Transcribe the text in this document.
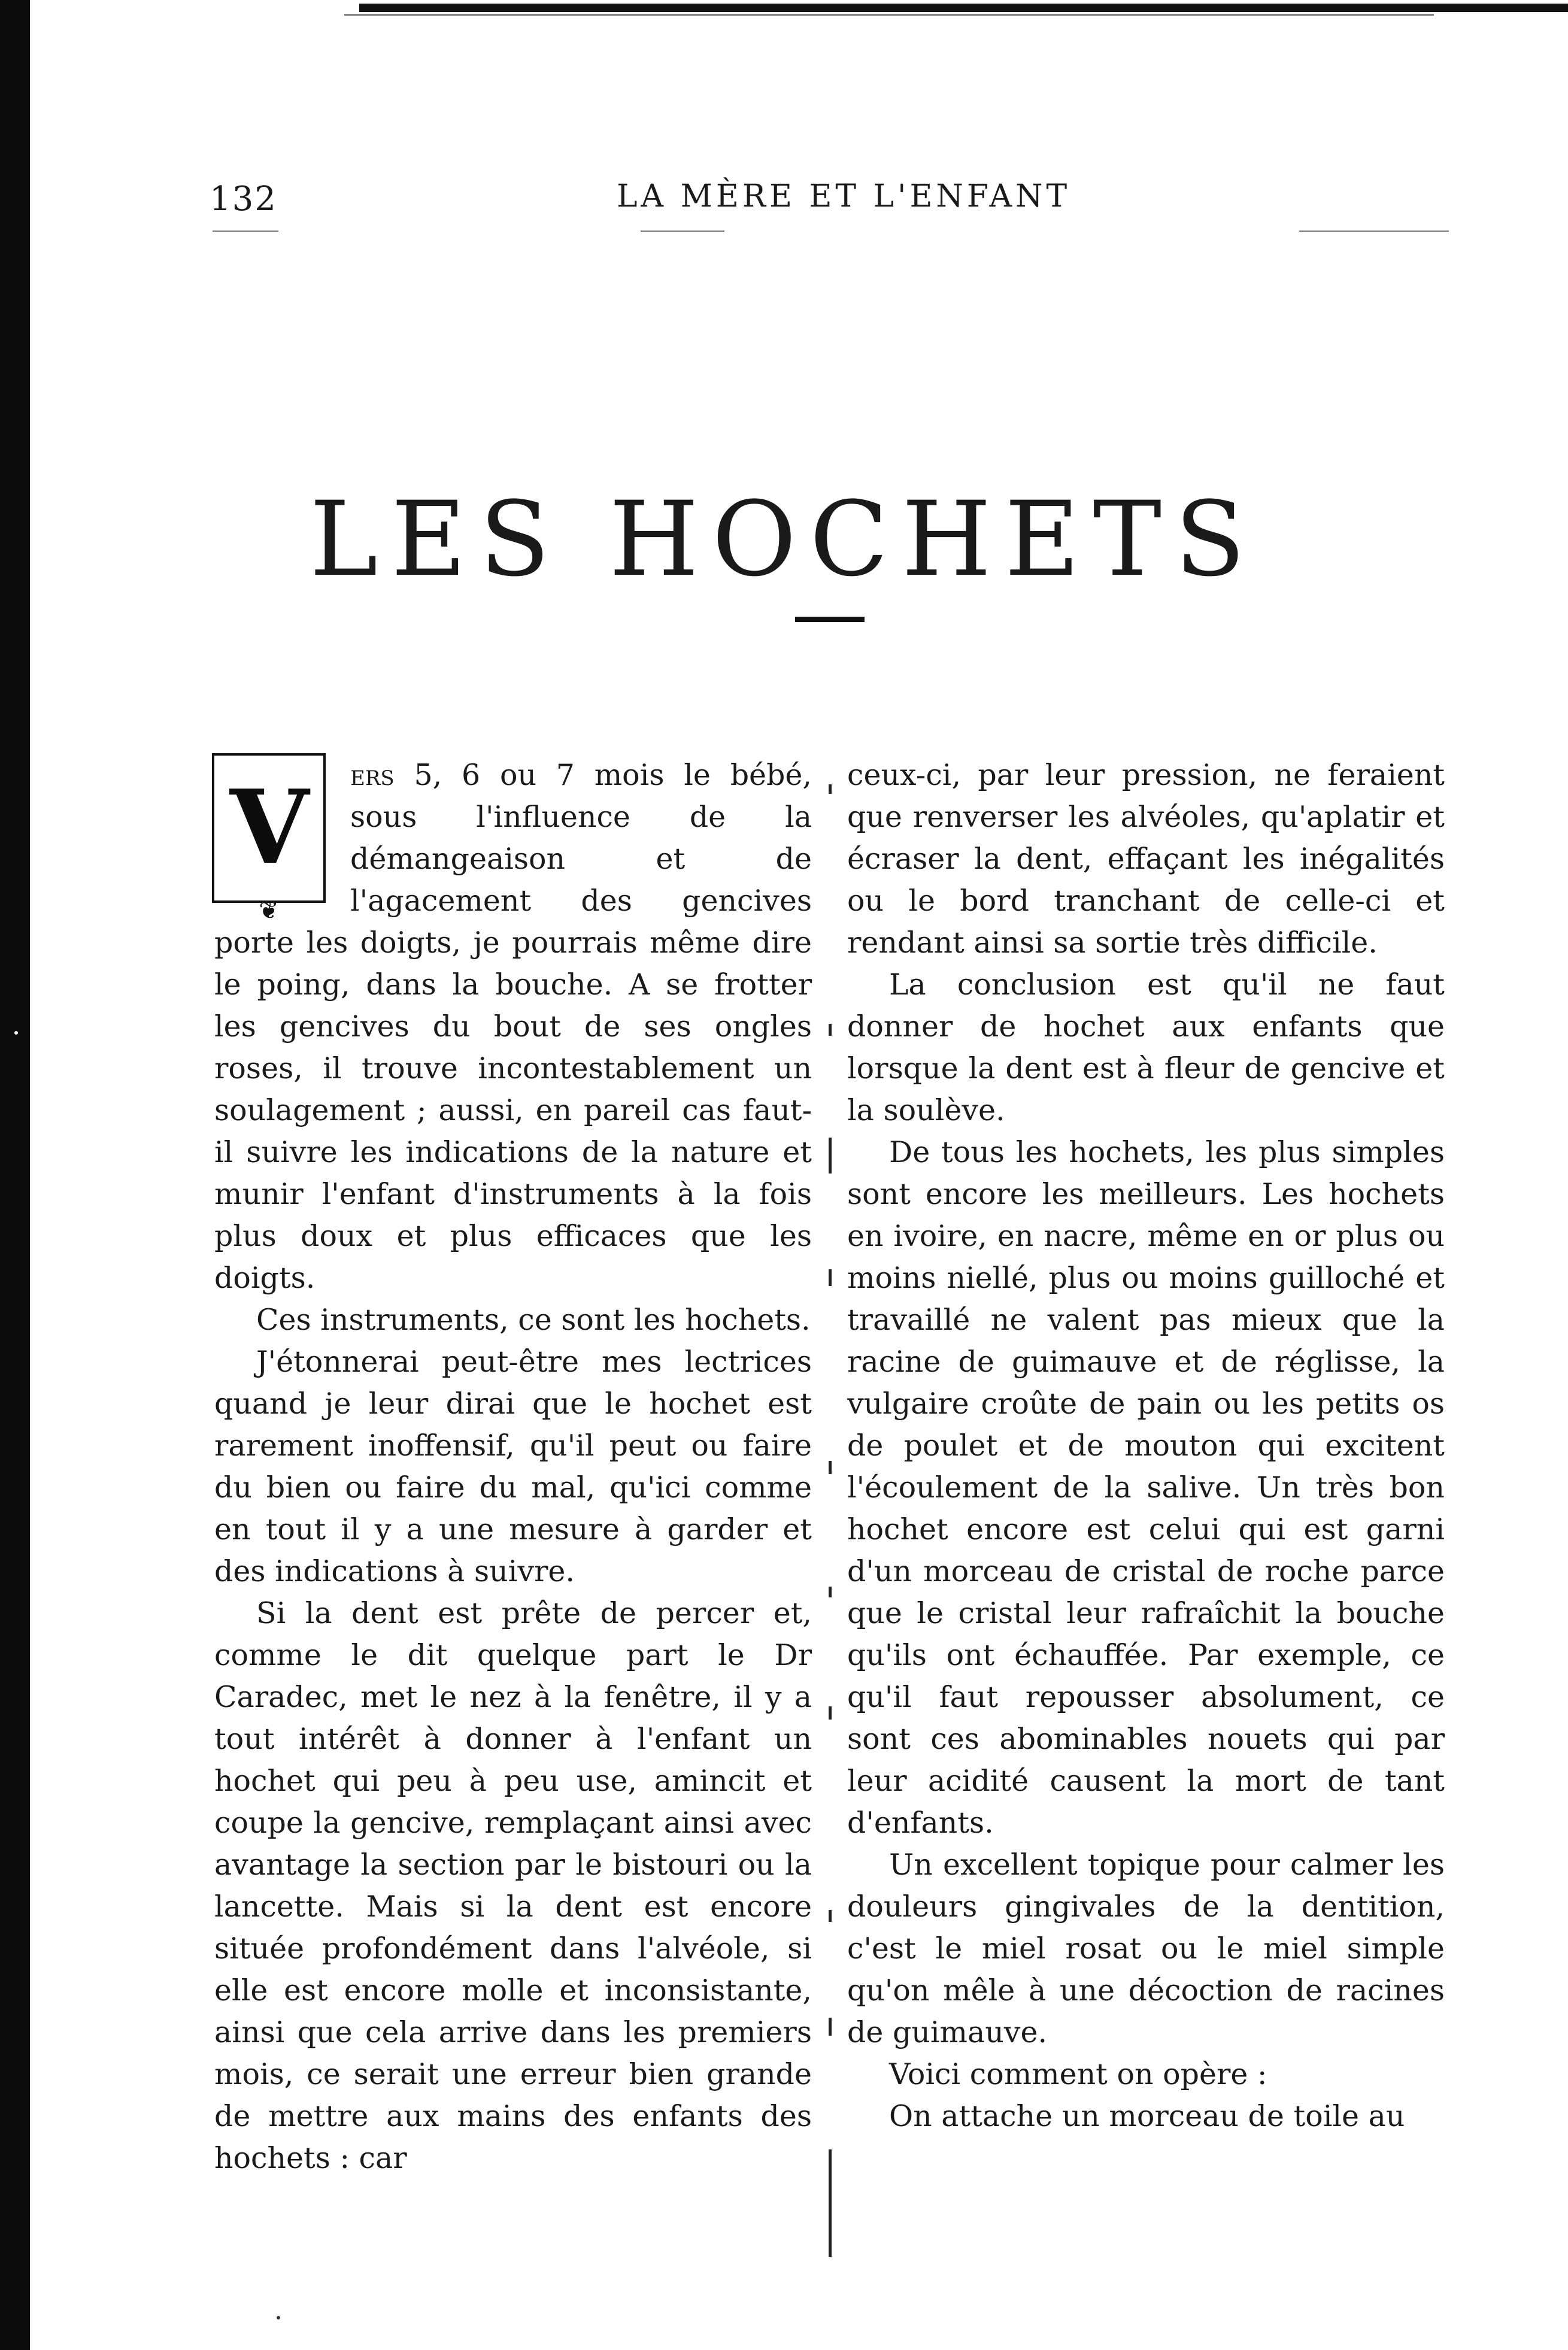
132	LA MÈRE ET L'ENFANT
LES HOCHETS

V
❦
ers 5, 6 ou 7 mois le bébé, sous l'influence de la démangeaison et de l'agacement des gencives porte les doigts, je pourrais même dire le poing, dans la bouche. A se frotter les gencives du bout de ses ongles roses, il trouve incontestablement un soulagement ; aussi, en pareil cas faut-il suivre les indications de la nature et munir l'enfant d'instruments à la fois plus doux et plus efficaces que les doigts.

Ces instruments, ce sont les hochets.

J'étonnerai peut-être mes lectrices quand je leur dirai que le hochet est rarement inoffensif, qu'il peut ou faire du bien ou faire du mal, qu'ici comme en tout il y a une mesure à garder et des indications à suivre.

Si la dent est prête de percer et, comme le dit quelque part le Dr Caradec, met le nez à la fenêtre, il y a tout intérêt à donner à l'enfant un hochet qui peu à peu use, amincit et coupe la gencive, remplaçant ainsi avec avantage la section par le bistouri ou la lancette. Mais si la dent est encore située profondément dans l'alvéole, si elle est encore molle et inconsistante, ainsi que cela arrive dans les premiers mois, ce serait une erreur bien grande de mettre aux mains des enfants des hochets : car

ceux-ci, par leur pression, ne feraient que renverser les alvéoles, qu'aplatir et écraser la dent, effaçant les inégalités ou le bord tranchant de celle-ci et rendant ainsi sa sortie très difficile.

La conclusion est qu'il ne faut donner de hochet aux enfants que lorsque la dent est à fleur de gencive et la soulève.

De tous les hochets, les plus simples sont encore les meilleurs. Les hochets en ivoire, en nacre, même en or plus ou moins niellé, plus ou moins guilloché et travaillé ne valent pas mieux que la racine de guimauve et de réglisse, la vulgaire croûte de pain ou les petits os de poulet et de mouton qui excitent l'écoulement de la salive. Un très bon hochet encore est celui qui est garni d'un morceau de cristal de roche parce que le cristal leur rafraîchit la bouche qu'ils ont échauffée. Par exemple, ce qu'il faut repousser absolument, ce sont ces abominables nouets qui par leur acidité causent la mort de tant d'enfants.

Un excellent topique pour calmer les douleurs gingivales de la dentition, c'est le miel rosat ou le miel simple qu'on mêle à une décoction de racines de guimauve.

Voici comment on opère :

On attache un morceau de toile au
